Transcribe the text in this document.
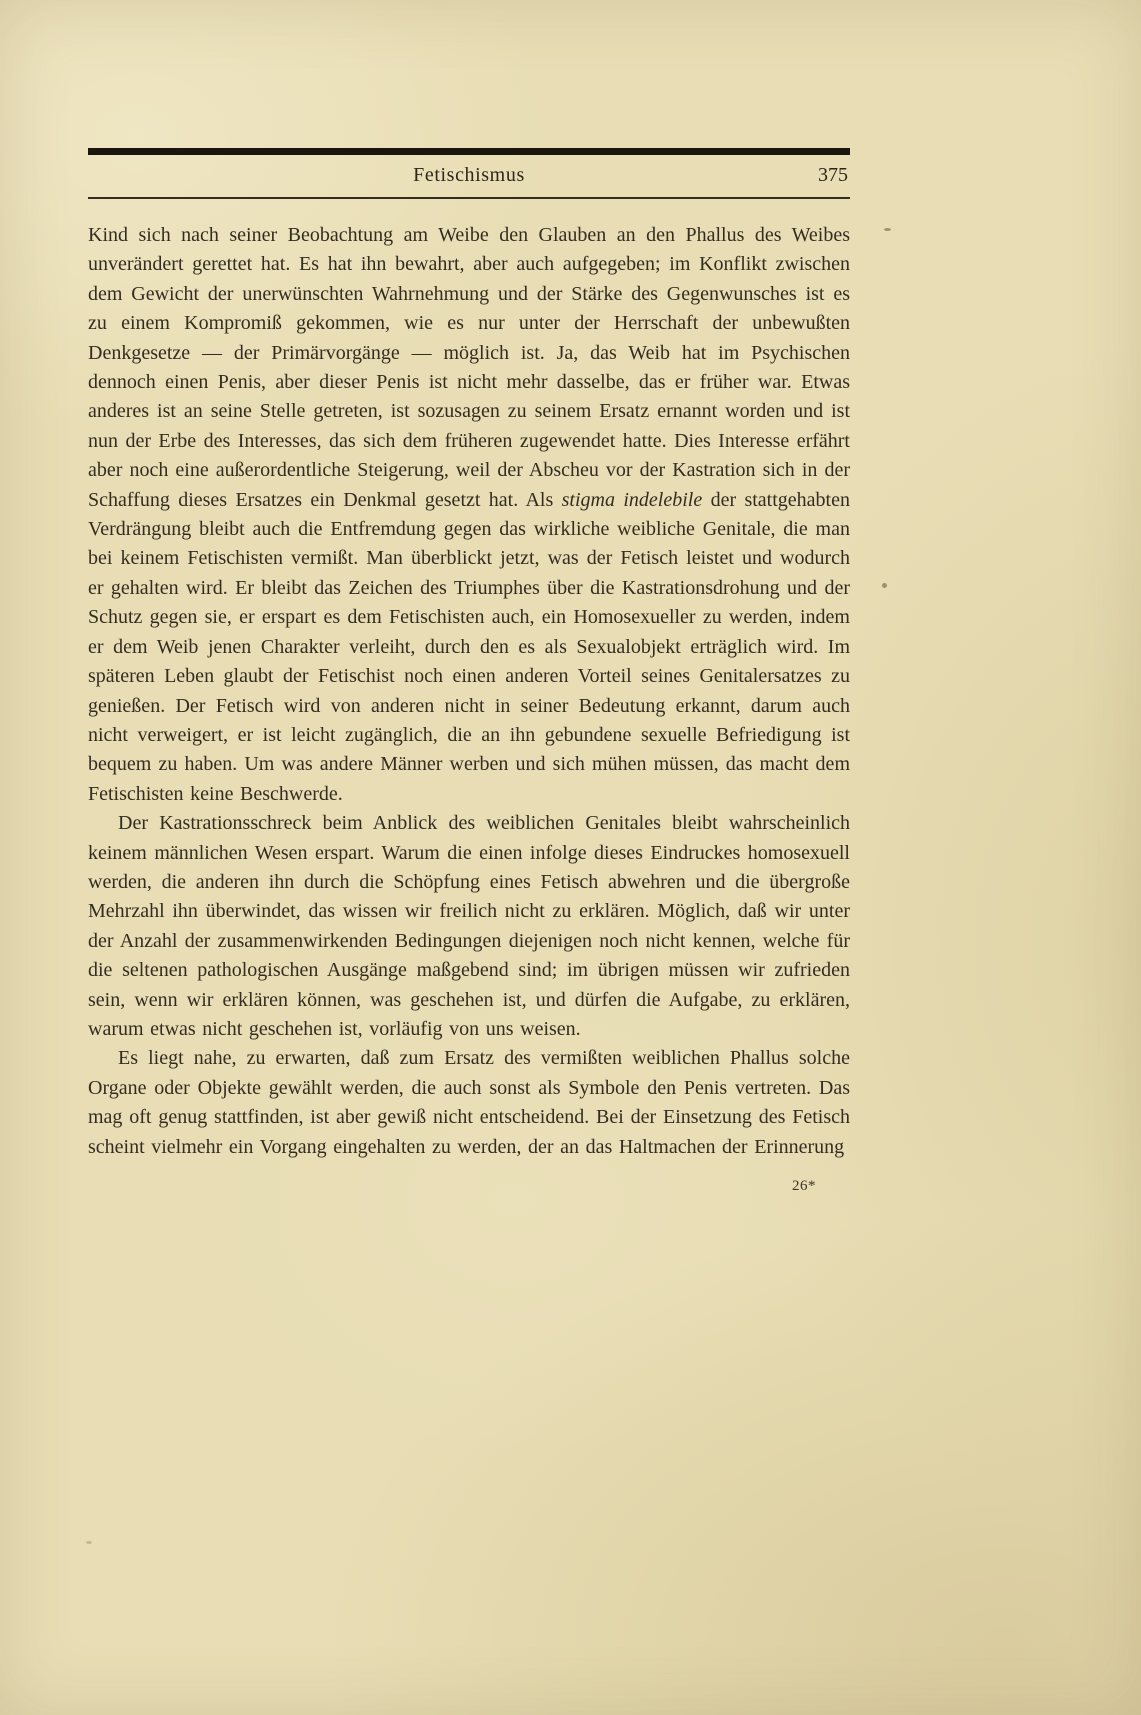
Fetischismus	375

Kind sich nach seiner Beobachtung am Weibe den Glauben an den Phallus des Weibes unverändert gerettet hat. Es hat ihn bewahrt, aber auch aufgegeben; im Konflikt zwischen dem Gewicht der unerwünschten Wahrnehmung und der Stärke des Gegenwunsches ist es zu einem Kompromiß gekommen, wie es nur unter der Herrschaft der unbewußten Denkgesetze — der Primärvorgänge — möglich ist. Ja, das Weib hat im Psychischen dennoch einen Penis, aber dieser Penis ist nicht mehr dasselbe, das er früher war. Etwas anderes ist an seine Stelle getreten, ist sozusagen zu seinem Ersatz ernannt worden und ist nun der Erbe des Interesses, das sich dem früheren zugewendet hatte. Dies Interesse erfährt aber noch eine außerordentliche Steigerung, weil der Abscheu vor der Kastration sich in der Schaffung dieses Ersatzes ein Denkmal gesetzt hat. Als stigma indelebile der stattgehabten Verdrängung bleibt auch die Entfremdung gegen das wirkliche weibliche Genitale, die man bei keinem Fetischisten vermißt. Man überblickt jetzt, was der Fetisch leistet und wodurch er gehalten wird. Er bleibt das Zeichen des Triumphes über die Kastrationsdrohung und der Schutz gegen sie, er erspart es dem Fetischisten auch, ein Homosexueller zu werden, indem er dem Weib jenen Charakter verleiht, durch den es als Sexualobjekt erträglich wird. Im späteren Leben glaubt der Fetischist noch einen anderen Vorteil seines Genitalersatzes zu genießen. Der Fetisch wird von anderen nicht in seiner Bedeutung erkannt, darum auch nicht verweigert, er ist leicht zugänglich, die an ihn gebundene sexuelle Befriedigung ist bequem zu haben. Um was andere Männer werben und sich mühen müssen, das macht dem Fetischisten keine Beschwerde.

Der Kastrationsschreck beim Anblick des weiblichen Genitales bleibt wahrscheinlich keinem männlichen Wesen erspart. Warum die einen infolge dieses Eindruckes homosexuell werden, die anderen ihn durch die Schöpfung eines Fetisch abwehren und die übergroße Mehrzahl ihn überwindet, das wissen wir freilich nicht zu erklären. Möglich, daß wir unter der Anzahl der zusammenwirkenden Bedingungen diejenigen noch nicht kennen, welche für die seltenen pathologischen Ausgänge maßgebend sind; im übrigen müssen wir zufrieden sein, wenn wir erklären können, was geschehen ist, und dürfen die Aufgabe, zu erklären, warum etwas nicht geschehen ist, vorläufig von uns weisen.

Es liegt nahe, zu erwarten, daß zum Ersatz des vermißten weiblichen Phallus solche Organe oder Objekte gewählt werden, die auch sonst als Symbole den Penis vertreten. Das mag oft genug stattfinden, ist aber gewiß nicht entscheidend. Bei der Einsetzung des Fetisch scheint vielmehr ein Vorgang eingehalten zu werden, der an das Haltmachen der Erinnerung

26*
